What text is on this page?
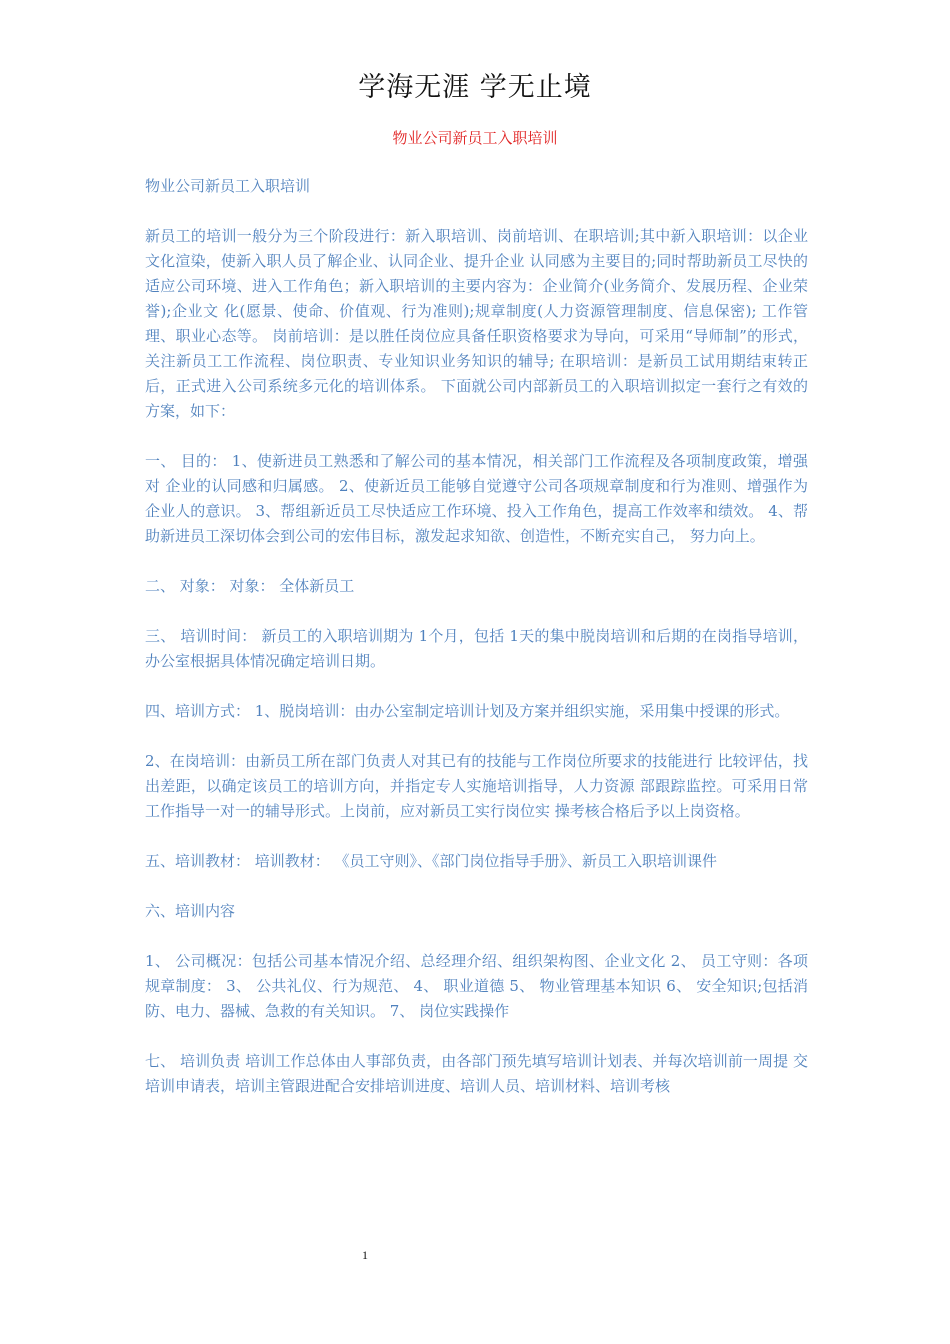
学海无涯 学无止境
物业公司新员工入职培训

物业公司新员工入职培训

新员工的培训一般分为三个阶段进行：新入职培训、岗前培训、在职培训;其中新入职培训：以企业文化渲染，使新入职人员了解企业、认同企业、提升企业 认同感为主要目的;同时帮助新员工尽快的适应公司环境、进入工作角色；新入职培训的主要内容为：企业简介(业务简介、发展历程、企业荣誉);企业文 化(愿景、使命、价值观、行为准则);规章制度(人力资源管理制度、信息保密); 工作管理、职业心态等。 岗前培训：是以胜任岗位应具备任职资格要求为导向，可采用“导师制”的形式， 关注新员工工作流程、岗位职责、专业知识业务知识的辅导; 在职培训：是新员工试用期结束转正后，正式进入公司系统多元化的培训体系。 下面就公司内部新员工的入职培训拟定一套行之有效的方案，如下：

一、 目的： 1、使新进员工熟悉和了解公司的基本情况，相关部门工作流程及各项制度政策，增强对 企业的认同感和归属感。 2、使新近员工能够自觉遵守公司各项规章制度和行为准则、增强作为企业人的意识。 3、帮组新近员工尽快适应工作环境、投入工作角色，提高工作效率和绩效。 4、帮助新进员工深切体会到公司的宏伟目标，激发起求知欲、创造性，不断充实自己， 努力向上。

二、 对象： 对象： 全体新员工

三、 培训时间： 新员工的入职培训期为 1个月，包括 1天的集中脱岗培训和后期的在岗指导培训， 办公室根据具体情况确定培训日期。

四、培训方式： 1、脱岗培训：由办公室制定培训计划及方案并组织实施，采用集中授课的形式。

2、在岗培训：由新员工所在部门负责人对其已有的技能与工作岗位所要求的技能进行 比较评估，找出差距，以确定该员工的培训方向，并指定专人实施培训指导，人力资源 部跟踪监控。可采用日常工作指导一对一的辅导形式。上岗前，应对新员工实行岗位实 操考核合格后予以上岗资格。

五、培训教材： 培训教材： 《员工守则》、《部门岗位指导手册》、新员工入职培训课件

六、培训内容

1、 公司概况：包括公司基本情况介绍、总经理介绍、组织架构图、企业文化 2、 员工守则：各项规章制度： 3、 公共礼仪、行为规范、 4、 职业道德 5、 物业管理基本知识 6、 安全知识;包括消防、电力、器械、急救的有关知识。 7、 岗位实践操作

七、 培训负责 培训工作总体由人事部负责，由各部门预先填写培训计划表、并每次培训前一周提 交培训申请表，培训主管跟进配合安排培训进度、培训人员、培训材料、培训考核

1
